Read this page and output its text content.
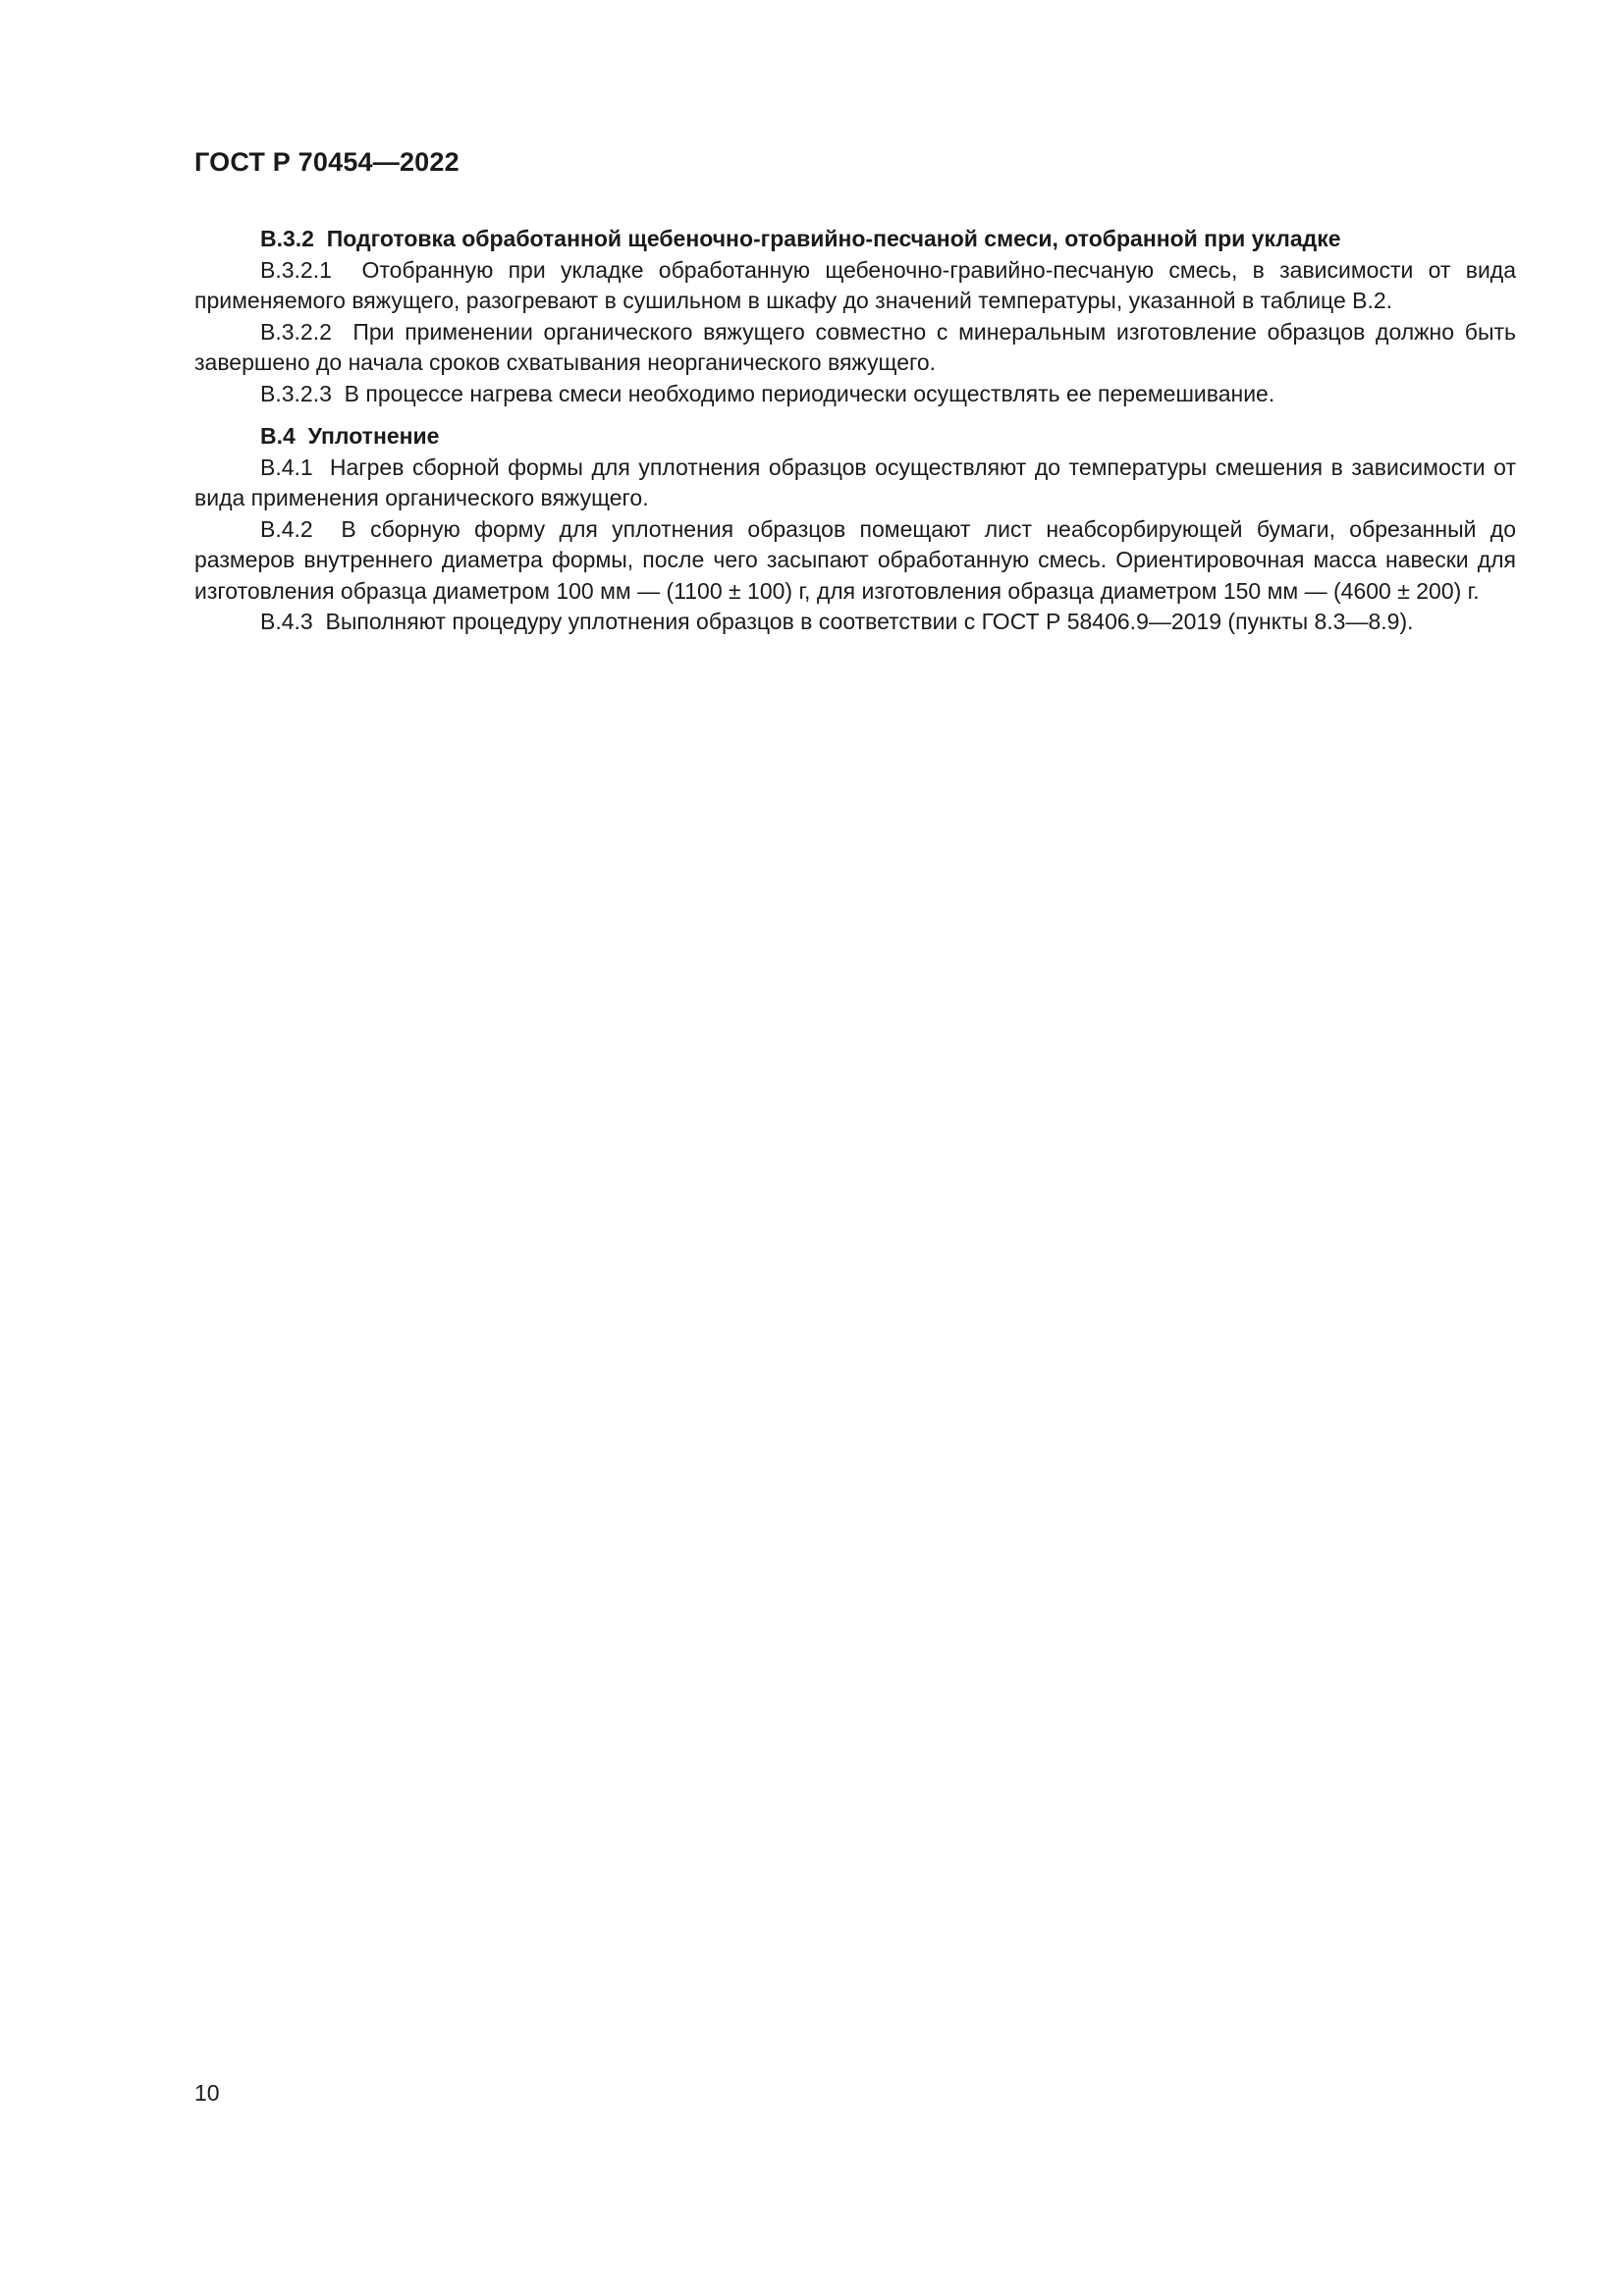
ГОСТ Р 70454—2022
В.3.2 Подготовка обработанной щебеночно-гравийно-песчаной смеси, отобранной при укладке

В.3.2.1 Отобранную при укладке обработанную щебеночно-гравийно-песчаную смесь, в зависимости от вида применяемого вяжущего, разогревают в сушильном в шкафу до значений температуры, указанной в таблице В.2.

В.3.2.2 При применении органического вяжущего совместно с минеральным изготовление образцов должно быть завершено до начала сроков схватывания неорганического вяжущего.

В.3.2.3 В процессе нагрева смеси необходимо периодически осуществлять ее перемешивание.

В.4 Уплотнение

В.4.1 Нагрев сборной формы для уплотнения образцов осуществляют до температуры смешения в зависимости от вида применения органического вяжущего.

В.4.2 В сборную форму для уплотнения образцов помещают лист неабсорбирующей бумаги, обрезанный до размеров внутреннего диаметра формы, после чего засыпают обработанную смесь. Ориентировочная масса навески для изготовления образца диаметром 100 мм — (1100 ± 100) г, для изготовления образца диаметром 150 мм — (4600 ± 200) г.

В.4.3 Выполняют процедуру уплотнения образцов в соответствии с ГОСТ Р 58406.9—2019 (пункты 8.3—8.9).

10
